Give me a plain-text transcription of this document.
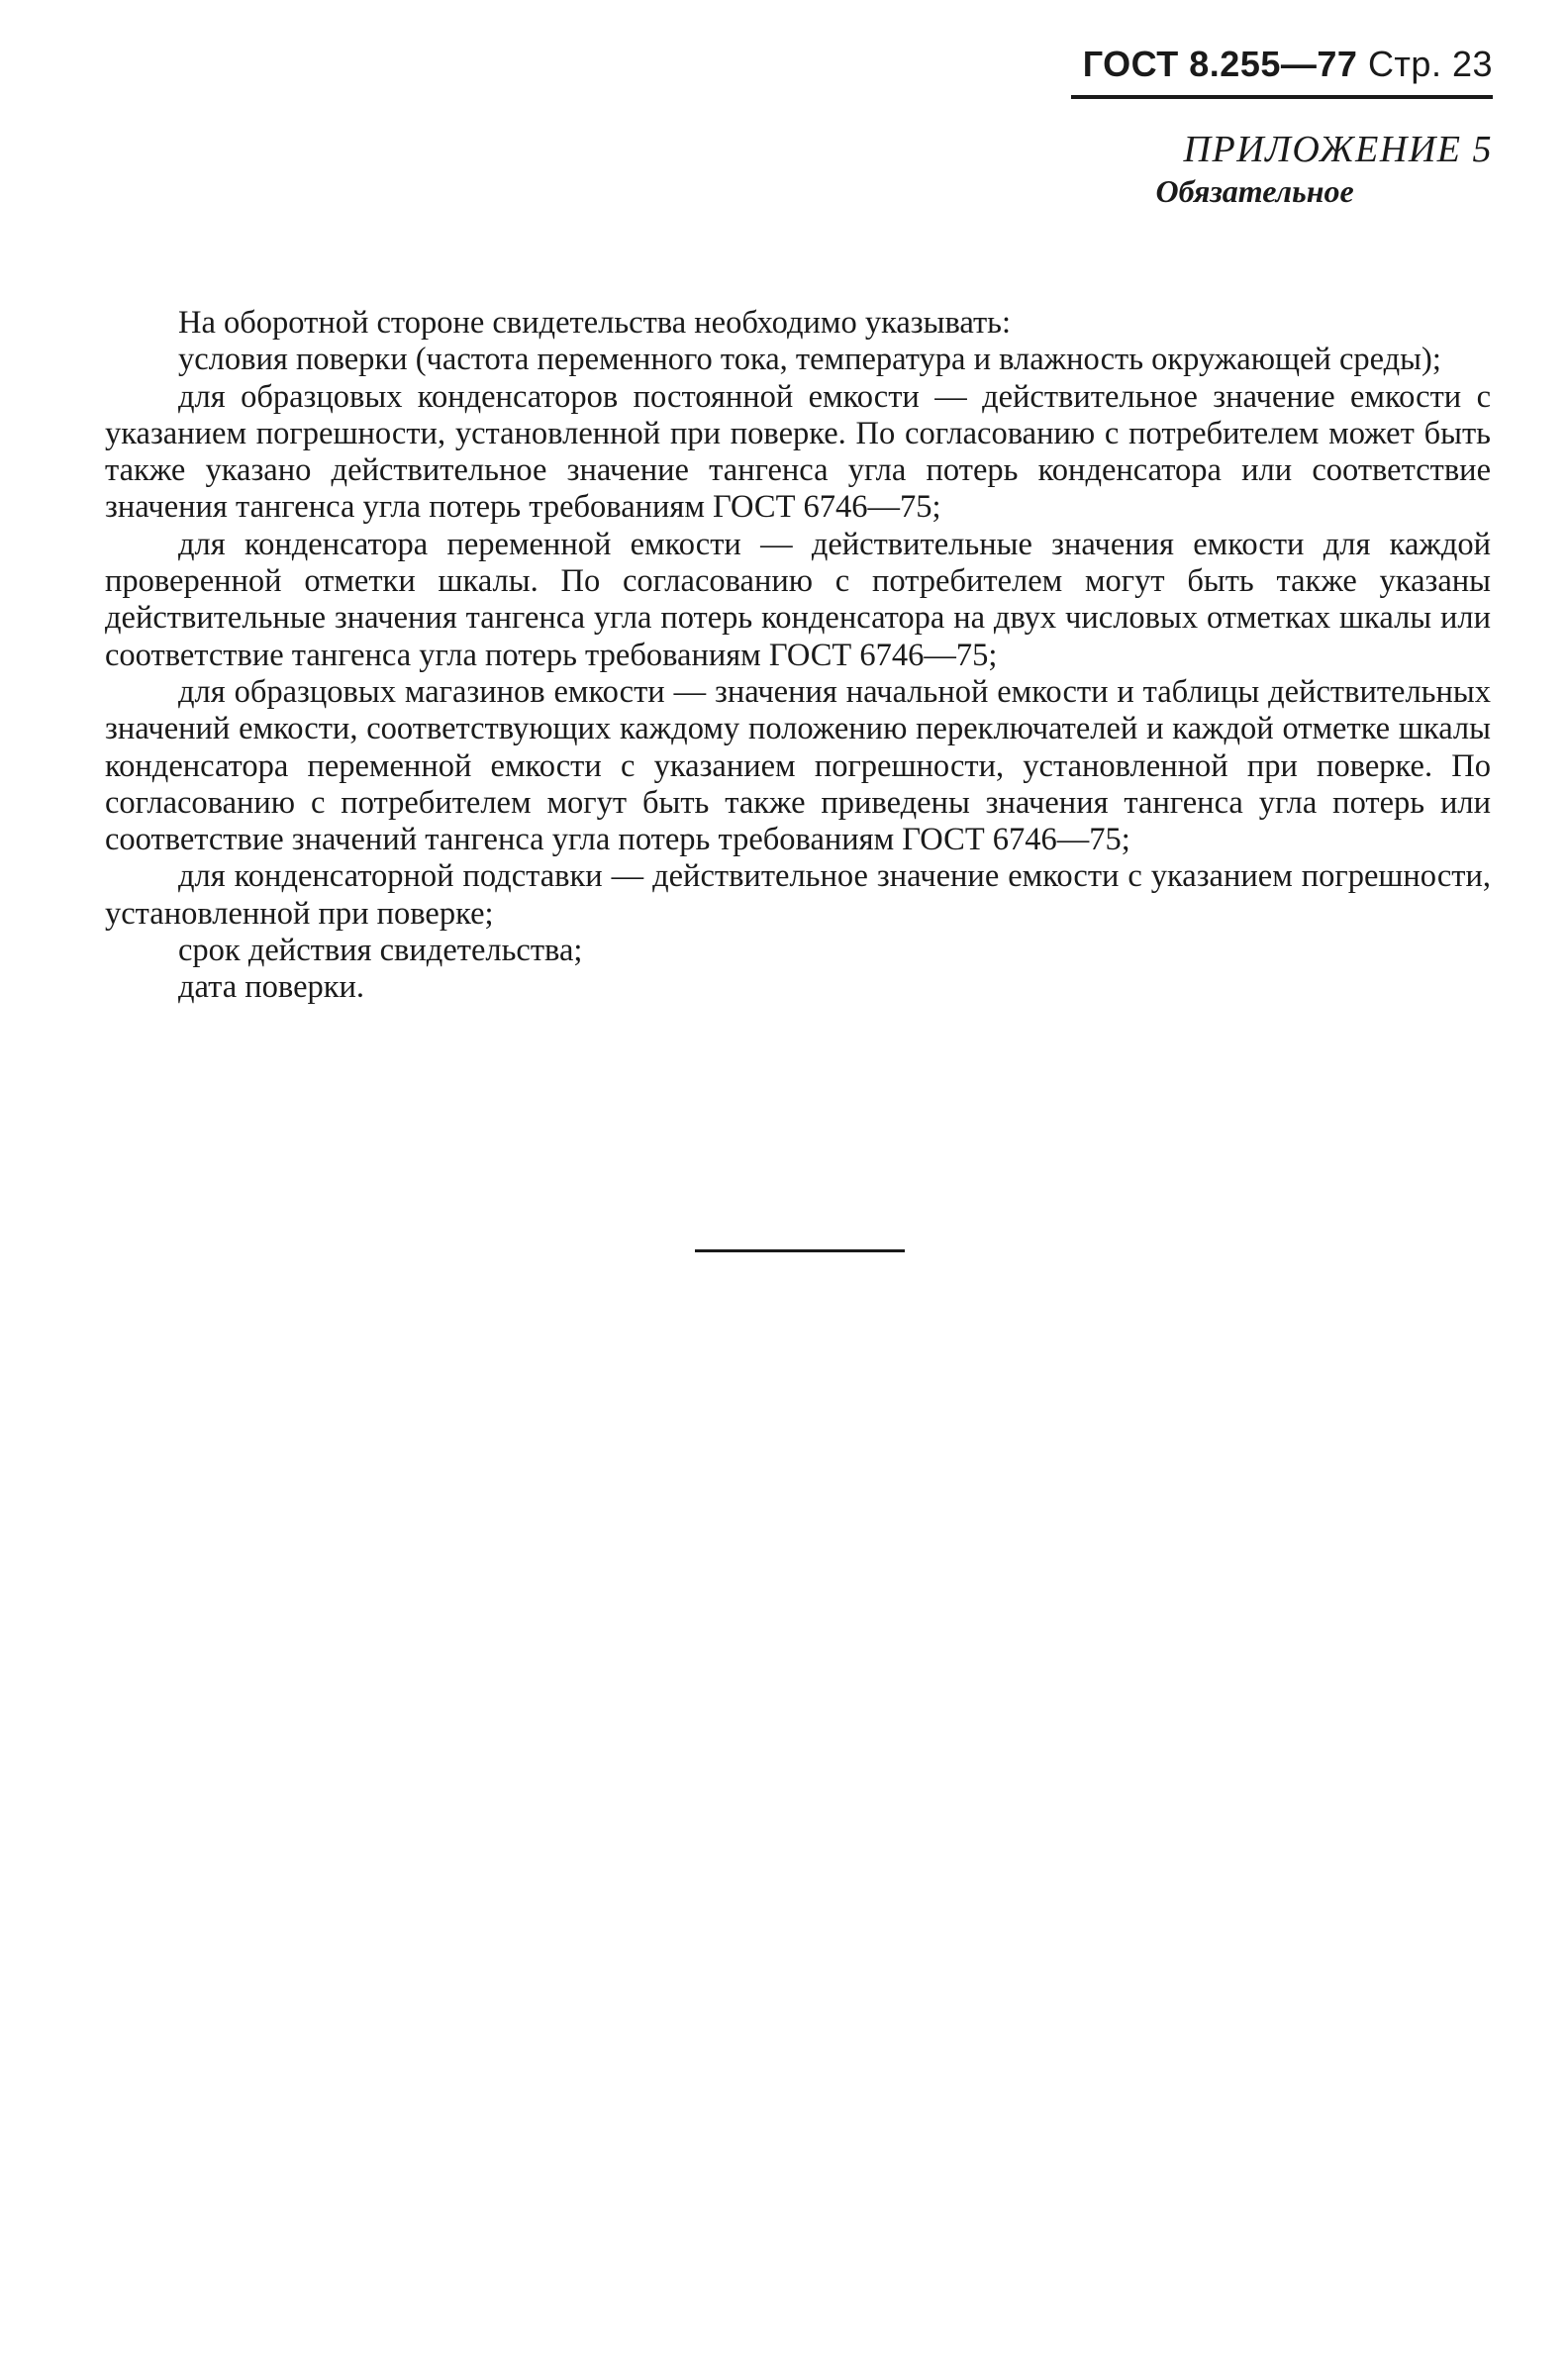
ГОСТ 8.255—77 Стр. 23
ПРИЛОЖЕНИЕ 5
Обязательное

На оборотной стороне свидетельства необходимо указывать:

условия поверки (частота переменного тока, температура и влажность окружающей среды);

для образцовых конденсаторов постоянной емкости — действительное значение емкости с указанием погрешности, установленной при поверке. По согласованию с потребителем может быть также указано действительное значение тангенса угла потерь конденсатора или соответствие значения тангенса угла потерь требованиям ГОСТ 6746—75;

для конденсатора переменной емкости — действительные значения емкости для каждой проверенной отметки шкалы. По согласованию с потребителем могут быть также указаны действительные значения тангенса угла потерь конденсатора на двух числовых отметках шкалы или соответствие тангенса угла потерь требованиям ГОСТ 6746—75;

для образцовых магазинов емкости — значения начальной емкости и таблицы действительных значений емкости, соответствующих каждому положению переключателей и каждой отметке шкалы конденсатора переменной емкости с указанием погрешности, установленной при поверке. По согласованию с потребителем могут быть также приведены значения тангенса угла потерь или соответствие значений тангенса угла потерь требованиям ГОСТ 6746—75;

для конденсаторной подставки — действительное значение емкости с указанием погрешности, установленной при поверке;

срок действия свидетельства;

дата поверки.
